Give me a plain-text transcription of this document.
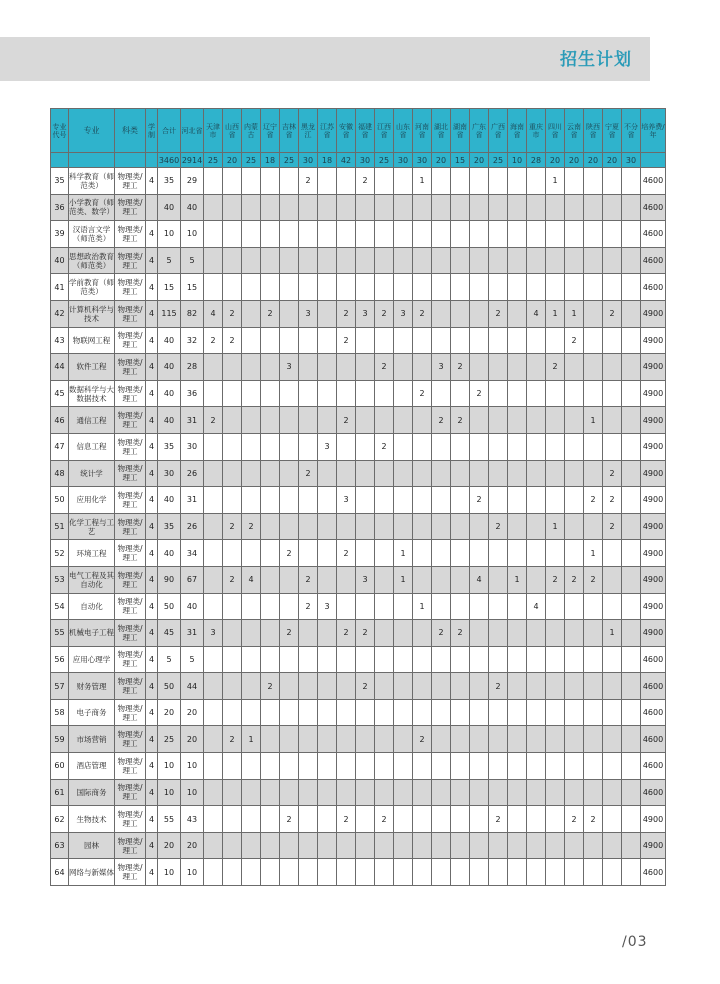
招生计划
专业代号	专业	科类	学制	合计	河北省	天津市	山西省	内蒙古	辽宁省	吉林省	黑龙江	江苏省	安徽省	福建省	江西省	山东省	河南省	湖北省	湖南省	广东省	广西省	海南省	重庆市	四川省	云南省	陕西省	宁夏省	不分省	培养费/年
				3460	2914	25	20	25	18	25	30	18	42	30	25	30	30	20	15	20	25	10	28	20	20	20	20	30	
35	科学教育（师范类）	物理类/理工	4	35	29						2			2			1							1					4600
36	小学教育（师范类、数学）	物理类/理工		40	40																								4600
39	汉语言文学（师范类）	物理类/理工	4	10	10																								4600
40	思想政治教育（师范类）	物理类/理工	4	5	5																								4600
41	学前教育（师范类）	物理类/理工	4	15	15																								4600
42	计算机科学与技术	物理类/理工	4	115	82	4	2		2		3		2	3	2	3	2				2		4	1	1		2		4900
43	物联网工程	物理类/理工	4	40	32	2	2						2												2				4900
44	软件工程	物理类/理工	4	40	28					3					2			3	2					2					4900
45	数据科学与大数据技术	物理类/理工	4	40	36												2			2									4900
46	通信工程	物理类/理工	4	40	31	2							2					2	2							1			4900
47	信息工程	物理类/理工	4	35	30							3			2														4900
48	统计学	物理类/理工	4	30	26						2																2		4900
50	应用化学	物理类/理工	4	40	31								3							2						2	2		4900
51	化学工程与工艺	物理类/理工	4	35	26		2	2													2			1			2		4900
52	环境工程	物理类/理工	4	40	34					2			2			1										1			4900
53	电气工程及其自动化	物理类/理工	4	90	67		2	4			2			3		1				4		1		2	2	2			4900
54	自动化	物理类/理工	4	50	40						2	3					1						4						4900
55	机械电子工程	物理类/理工	4	45	31	3				2			2	2				2	2								1		4900
56	应用心理学	物理类/理工	4	5	5																								4600
57	财务管理	物理类/理工	4	50	44				2					2							2								4600
58	电子商务	物理类/理工	4	20	20																								4600
59	市场营销	物理类/理工	4	25	20		2	1									2												4600
60	酒店管理	物理类/理工	4	10	10																								4600
61	国际商务	物理类/理工	4	10	10																								4600
62	生物技术	物理类/理工	4	55	43					2			2		2						2				2	2			4900
63	园林	物理类/理工	4	20	20																								4900
64	网络与新媒体	物理类/理工	4	10	10																								4600
/03
